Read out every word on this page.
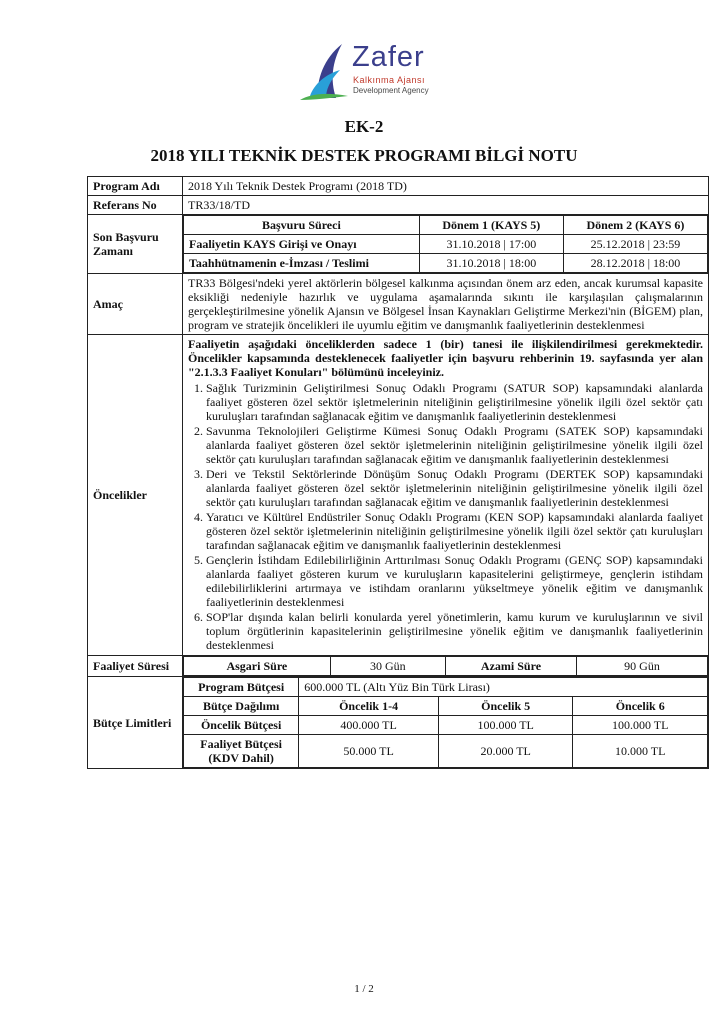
Zafer
Kalkınma Ajansı
Development Agency
EK-2
2018 YILI TEKNİK DESTEK PROGRAMI BİLGİ NOTU
Program Adı	2018 Yılı Teknik Destek Programı (2018 TD)
Referans No	TR33/18/TD
Son Başvuru Zamanı	
Başvuru Süreci	Dönem 1 (KAYS 5)	Dönem 2 (KAYS 6)
Faaliyetin KAYS Girişi ve Onayı	31.10.2018 | 17:00	25.12.2018 | 23:59
Taahhütnamenin e-İmzası / Teslimi	31.10.2018 | 18:00	28.12.2018 | 18:00

Amaç	TR33 Bölgesi'ndeki yerel aktörlerin bölgesel kalkınma açısından önem arz eden, ancak kurumsal kapasite eksikliği nedeniyle hazırlık ve uygulama aşamalarında sıkıntı ile karşılaşılan çalışmalarının gerçekleştirilmesine yönelik Ajansın ve Bölgesel İnsan Kaynakları Geliştirme Merkezi'nin (BİGEM) plan, program ve stratejik öncelikleri ile uyumlu eğitim ve danışmanlık faaliyetlerinin desteklenmesi
Öncelikler	
Faaliyetin aşağıdaki önceliklerden sadece 1 (bir) tanesi ile ilişkilendirilmesi gerekmektedir. Öncelikler kapsamında desteklenecek faaliyetler için başvuru rehberinin 19. sayfasında yer alan "2.1.3.3 Faaliyet Konuları" bölümünü inceleyiniz.
1. Sağlık Turizminin Geliştirilmesi Sonuç Odaklı Programı (SATUR SOP) kapsamındaki alanlarda faaliyet gösteren özel sektör işletmelerinin niteliğinin geliştirilmesine yönelik ilgili özel sektör çatı kuruluşları tarafından sağlanacak eğitim ve danışmanlık faaliyetlerinin desteklenmesi
2. Savunma Teknolojileri Geliştirme Kümesi Sonuç Odaklı Programı (SATEK SOP) kapsamındaki alanlarda faaliyet gösteren özel sektör işletmelerinin niteliğinin geliştirilmesine yönelik ilgili özel sektör çatı kuruluşları tarafından sağlanacak eğitim ve danışmanlık faaliyetlerinin desteklenmesi
3. Deri ve Tekstil Sektörlerinde Dönüşüm Sonuç Odaklı Programı (DERTEK SOP) kapsamındaki alanlarda faaliyet gösteren özel sektör işletmelerinin niteliğinin geliştirilmesine yönelik ilgili özel sektör çatı kuruluşları tarafından sağlanacak eğitim ve danışmanlık faaliyetlerinin desteklenmesi
4. Yaratıcı ve Kültürel Endüstriler Sonuç Odaklı Programı (KEN SOP) kapsamındaki alanlarda faaliyet gösteren özel sektör işletmelerinin niteliğinin geliştirilmesine yönelik ilgili özel sektör çatı kuruluşları tarafından sağlanacak eğitim ve danışmanlık faaliyetlerinin desteklenmesi
5. Gençlerin İstihdam Edilebilirliğinin Arttırılması Sonuç Odaklı Programı (GENÇ SOP) kapsamındaki alanlarda faaliyet gösteren kurum ve kuruluşların kapasitelerini geliştirmeye, gençlerin istihdam edilebilirliklerini artırmaya ve istihdam oranlarını yükseltmeye yönelik eğitim ve danışmanlık faaliyetlerinin desteklenmesi
6. SOP'lar dışında kalan belirli konularda yerel yönetimlerin, kamu kurum ve kuruluşlarının ve sivil toplum örgütlerinin kapasitelerinin geliştirilmesine yönelik eğitim ve danışmanlık faaliyetlerinin desteklenmesi

Faaliyet Süresi		Asgari Süre	30 Gün	Azami Süre	90 Gün

Bütçe Limitleri	
Program Bütçesi	600.000 TL (Altı Yüz Bin Türk Lirası)
Bütçe Dağılımı	Öncelik 1-4	Öncelik 5	Öncelik 6
Öncelik Bütçesi	400.000 TL	100.000 TL	100.000 TL
Faaliyet Bütçesi (KDV Dahil)	50.000 TL	20.000 TL	10.000 TL
1 / 2
